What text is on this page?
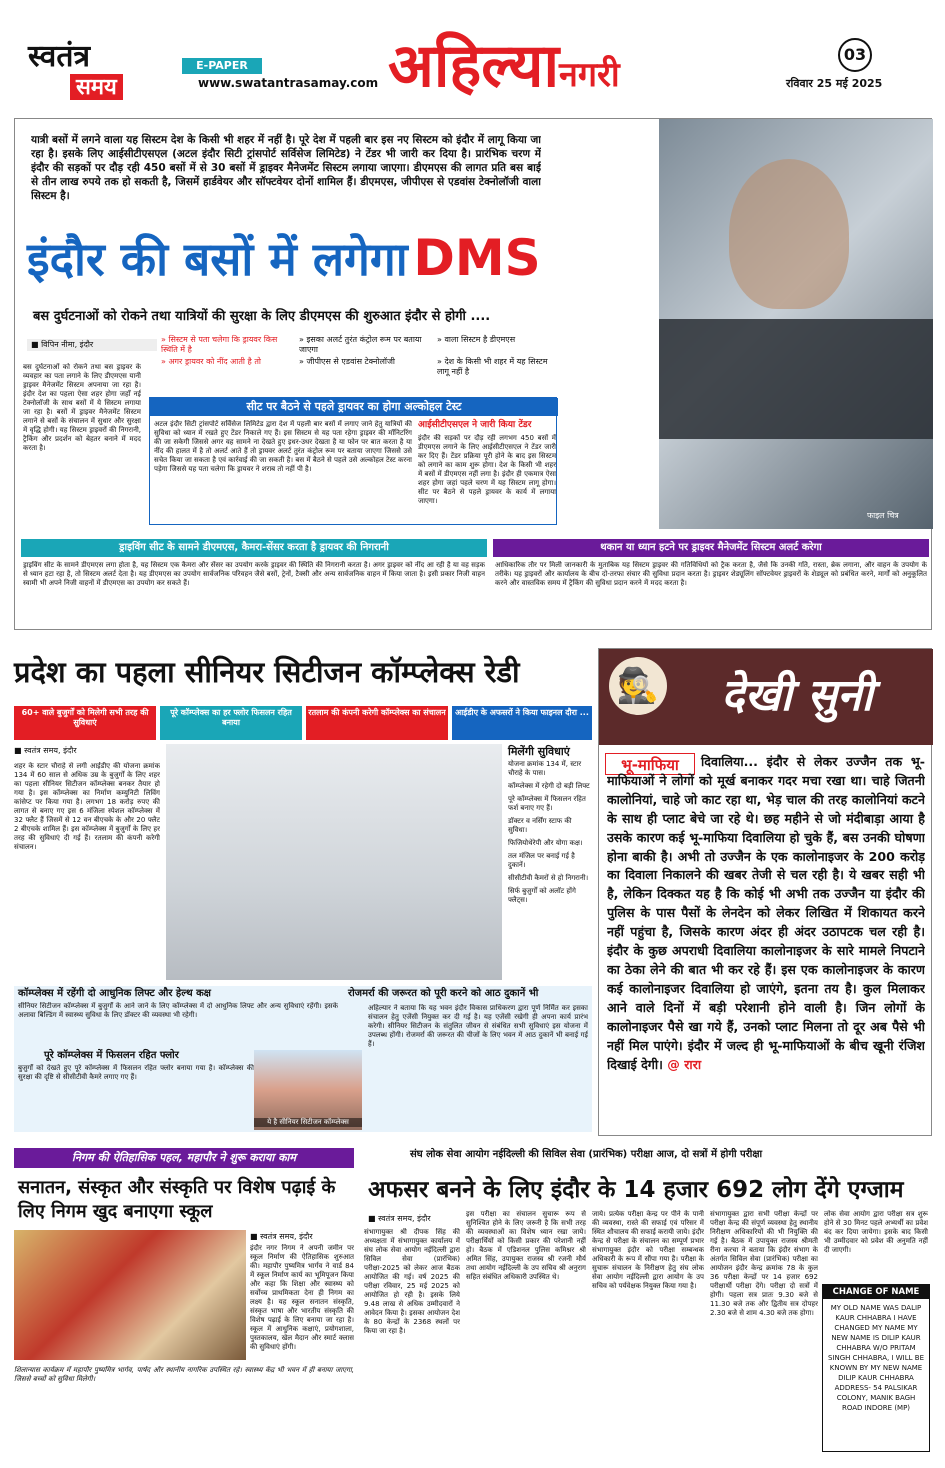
स्वतंत्र
समय
E-PAPER
www.swatantrasamay.com अहिल्यानगरी
03
रविवार 25 मई 2025
यात्री बसों में लगने वाला यह सिस्टम देश के किसी भी शहर में नहीं है। पूरे देश में पहली बार इस नए सिस्टम को इंदौर में लागू किया जा रहा है। इसके लिए आईसीटीएसएल (अटल इंदौर सिटी ट्रांसपोर्ट सर्विसेज लिमिटेड) ने टेंडर भी जारी कर दिया है। प्रारंभिक चरण में इंदौर की सड़कों पर दौड़ रही 450 बसों में से 30 बसों में ड्राइवर मैनेजमेंट सिस्टम लगाया जाएगा। डीएमएस की लागत प्रति बस बाई से तीन लाख रुपये तक हो सकती है, जिसमें हार्डवेयर और सॉफ्टवेयर दोनों शामिल हैं। डीएमएस, जीपीएस से एडवांस टेक्नोलॉजी वाला सिस्टम है।
इंदौर की बसों में लगेगा DMS
बस दुर्घटनाओं को रोकने तथा यात्रियों की सुरक्षा के लिए डीएमएस की शुरुआत इंदौर से होगी ....
फाइल चित्र
■ विपिन नीमा, इंदौर
» सिस्टम से पता चलेगा कि ड्रायवर किस स्थिति में है
» अगर ड्रायवर को नींद आती है तो
» इसका अलर्ट तुरंत कंट्रोल रूम पर बताया जाएगा
» जीपीएस से एडवांस टेक्नोलॉजी
» वाला सिस्टम है डीएमएस
» देश के किसी भी शहर में यह सिस्टम लागू नहीं है
बस दुर्घटनाओं को रोकने तथा बस ड्राइवर के व्यवहार का पता लगाने के लिए डीएमएस यानी ड्राइवर मैनेजमेंट सिस्टम अपनाया जा रहा है। इंदौर देश का पहला ऐसा शहर होगा जहाँ नई टेक्नोलॉजी के साथ बसों में ये सिस्टम लगाया जा रहा है। बसों में ड्राइवर मैनेजमेंट सिस्टम लगाने से बसों के संचालन में सुधार और सुरक्षा में वृद्धि होगी। यह सिस्टम ड्राइवरों की निगरानी, ट्रैकिंग और प्रदर्शन को बेहतर बनाने में मदद करता है।
सीट पर बैठने से पहले ड्रायवर का होगा अल्कोहल टेस्ट
अटल इंदौर सिटी ट्रांसपोर्ट सर्विसेज लिमिटेड द्वारा देश में पहली बार बसों में लगाए जाने हेतु यात्रियों की सुविधा को ध्यान में रखते हुए टेंडर निकाले गए हैं। इस सिस्टम से यह पता रहेगा ड्राइवर की मॉनिटरिंग की जा सकेगी जिससे अगर वह सामने ना देखते हुए इधर-उधर देखता है या फोन पर बात करता है या नींद की हालत में है तो अलर्ट आते हैं तो ड्रायवर अलर्ट तुरंत कंट्रोल रूम पर बताया जाएगा जिससे उसे सचेत किया जा सकता है एवं कार्रवाई की जा सकती है। बस में बैठने से पहले उसे अल्कोहल टेस्ट करना पड़ेगा जिससे यह पता चलेगा कि ड्रायवर ने शराब तो नहीं पी है।
आईसीटीएसएल ने जारी किया टेंडर
इंदौर की सड़कों पर दौड़ रही लगभग 450 बसों में डीएमएस लगाने के लिए आईसीटीएसएल ने टेंडर जारी कर दिए हैं। टेंडर प्रक्रिया पूरी होने के बाद इस सिस्टम को लगाने का काम शुरू होगा। देश के किसी भी शहर में बसों में डीएमएस नहीं लगा है। इंदौर ही एकमात्र ऐसा शहर होगा जहां पहले चरण में यह सिस्टम लागू होगा। सीट पर बैठने से पहले ड्रायवर के कार्य में लगाया जाएगा।
ड्राइविंग सीट के सामने डीएमएस, कैमरा-सेंसर करता है ड्रायवर की निगरानी
ड्राइविंग सीट के सामने डीएमएस लगा होता है, यह सिस्टम एक कैमरा और सेंसर का उपयोग करके ड्राइवर की स्थिति की निगरानी करता है। अगर ड्राइवर को नींद आ रही है या वह सड़क से ध्यान हटा रहा है, तो सिस्टम अलर्ट देता है। यह डीएमएस का उपयोग सार्वजनिक परिवहन जैसे बसों, ट्रेनों, टैक्सी और अन्य सार्वजनिक वाहन में किया जाता है। इसी प्रकार निजी वाहन स्वामी भी अपने निजी वाहनों में डीएमएस का उपयोग कर सकते हैं।
थकान या ध्यान हटने पर ड्राइवर मैनेजमेंट सिस्टम अलर्ट करेगा
आधिकारिक तौर पर मिली जानकारी के मुताबिक यह सिस्टम ड्राइवर की गतिविधियों को ट्रैक करता है, जैसे कि उनकी गति, रास्ता, ब्रेक लगाना, और वाहन के उपयोग के तरीके। यह ड्राइवरों और कार्यालय के बीच दो-तरफा संचार की सुविधा प्रदान करता है। ड्राइवर शेड्यूलिंग सॉफ्टवेयर ड्राइवरों के शेड्यूल को प्रबंधित करने, मार्गों को अनुकूलित करने और वास्तविक समय में ट्रैकिंग की सुविधा प्रदान करने में मदद करता है।
प्रदेश का पहला सीनियर सिटीजन कॉम्प्लेक्स रेडी
60+ वाले बुजुर्गों को मिलेगी सभी तरह की सुविधाएं
पूरे कॉम्प्लेक्स का हर फ्लोर फिसलन रहित बनाया
रतलाम की कंपनी करेगी कॉम्प्लेक्स का संचालन	आईडीए के अफसरों ने किया फाइनल दौरा ...
■ स्वतंत्र समय, इंदौर
शहर के स्टार चौराहे से लगी आईडीए की योजना क्रमांक 134 में 60 साल से अधिक उम्र के बुजुर्गों के लिए शहर का पहला सीनियर सिटीजन कॉम्प्लेक्स बनकर तैयार हो गया है। इस कॉम्प्लेक्स का निर्माण कम्युनिटी लिविंग कांसेप्ट पर किया गया है। लगभग 18 करोड़ रुपए की लागत से बनाए गए इस 6 मंजिला स्पेशल कॉम्प्लेक्स में 32 फ्लैट हैं जिसमें से 12 वन बीएचके के और 20 फ्लैट 2 बीएचके शामिल हैं। इस कॉम्प्लेक्स में बुजुर्गों के लिए हर तरह की सुविधाएं दी गई हैं। रतलाम की कंपनी करेगी संचालन।
मिलेंगी सुविधाएं
योजना क्रमांक 134 में, स्टार चौराहे के पास।
कॉम्प्लेक्स में रहेगी दो बड़ी लिफ्ट
पूरे कॉम्प्लेक्स में फिसलन रहित फर्श बनाए गए हैं।
डॉक्टर व नर्सिंग स्टाफ की सुविधा।
फिजियोथेरेपी और योगा कक्ष।
तल मंजिल पर बनाई गई है दुकानें।
सीसीटीवी कैमरों से हो निगरानी।
सिर्फ बुजुर्गों को अलॉट होंगे फ्लैट्स।
कॉम्प्लेक्स में रहेंगी दो आधुनिक लिफ्ट और हेल्थ कक्ष
सीनियर सिटीजन कॉम्प्लेक्स में बुजुर्गों के आने जाने के लिए कॉम्प्लेक्स में दो आधुनिक लिफ्ट और अन्य सुविधाएं रहेंगी। इसके अलावा बिल्डिंग में स्वास्थ्य सुविधा के लिए डॉक्टर की व्यवस्था भी रहेगी।
पूरे कॉम्प्लेक्स में फिसलन रहित फ्लोर
बुजुर्गों को देखते हुए पूरे कॉम्प्लेक्स में फिसलन रहित फ्लोर बनाया गया है। कॉम्प्लेक्स की सुरक्षा की दृष्टि से सीसीटीवी कैमरे लगाए गए हैं।
ये है सीनियर सिटीजन कॉम्प्लेक्स
रोजमर्रा की जरूरत को पूरी करने को आठ दुकानें भी
अहिल्यार ने बताया कि यह भवन इंदौर विकास प्राधिकरण द्वारा पूर्ण निर्मित कर इसका संचालन हेतु एजेंसी नियुक्त कर दी गई है। यह एजेंसी रखेगी ही अपना कार्य प्रारंभ करेगी। सीनियर सिटीजन के संतुलित जीवन से संबंधित सभी सुविधाएं इस योजना में उपलब्ध होंगी। रोजमर्रा की जरूरत की चीजों के लिए भवन में आठ दुकानें भी बनाई गई हैं।
🕵	देखी सुनी
भू-माफिया	दिवालिया... इंदौर से लेकर उज्जैन तक भू-माफियाओं ने लोगों को मूर्ख बनाकर गदर मचा रखा था। चाहे जितनी कालोनियां, चाहे जो काट रहा था, भेड़ चाल की तरह कालोनियां कटने के साथ ही प्लाट बेचे जा रहे थे। छह महीने से जो मंदीबाड़ा आया है उसके कारण कई भू-माफिया दिवालिया हो चुके हैं, बस उनकी घोषणा होना बाकी है। अभी तो उज्जैन के एक कालोनाइजर के 200 करोड़ का दिवाला निकालने की खबर तेजी से चल रही है। ये खबर सही भी है, लेकिन दिक्कत यह है कि कोई भी अभी तक उज्जैन या इंदौर की पुलिस के पास पैसों के लेनदेन को लेकर लिखित में शिकायत करने नहीं पहुंचा है, जिसके कारण अंदर ही अंदर उठापटक चल रही है। इंदौर के कुछ अपराधी दिवालिया कालोनाइजर के सारे मामले निपटाने का ठेका लेने की बात भी कर रहे हैं। इस एक कालोनाइजर के कारण कई कालोनाइजर दिवालिया हो जाएंगे, इतना तय है। कुल मिलाकर आने वाले दिनों में बड़ी परेशानी होने वाली है। जिन लोगों के कालोनाइजर पैसे खा गये हैं, उनको प्लाट मिलना तो दूर अब पैसे भी नहीं मिल पाएंगे। इंदौर में जल्द ही भू-माफियाओं के बीच खूनी रंजिश दिखाई देगी। @ रारा
निगम की ऐतिहासिक पहल, महापौर ने शुरू कराया काम
सनातन, संस्कृत और संस्कृति पर विशेष पढ़ाई के लिए निगम खुद बनाएगा स्कूल
■ स्वतंत्र समय, इंदौर
इंदौर नगर निगम ने अपनी जमीन पर स्कूल निर्माण की ऐतिहासिक शुरुआत की। महापौर पुष्यमित्र भार्गव ने वार्ड 84 में स्कूल निर्माण कार्य का भूमिपूजन किया और कहा कि शिक्षा और स्वास्थ्य को सर्वोच्च प्राथमिकता देना ही निगम का लक्ष्य है। यह स्कूल सनातन संस्कृति, संस्कृत भाषा और भारतीय संस्कृति की विशेष पढ़ाई के लिए बनाया जा रहा है। स्कूल में आधुनिक कक्षाएं, प्रयोगशाला, पुस्तकालय, खेल मैदान और स्मार्ट क्लास की सुविधाएं होंगी।
शिलान्यास कार्यक्रम में महापौर पुष्यमित्र भार्गव, पार्षद और स्थानीय नागरिक उपस्थित रहे। स्वास्थ्य केंद्र भी भवन में ही बनाया जाएगा, जिससे बच्चों को सुविधा मिलेगी।
संघ लोक सेवा आयोग नईदिल्ली की सिविल सेवा (प्रारंभिक) परीक्षा आज, दो सत्रों में होगी परीक्षा
अफसर बनने के लिए इंदौर के 14 हजार 692 लोग देंगे एग्जाम
■ स्वतंत्र समय, इंदौर
संभागायुक्त श्री दीपक सिंह की अध्यक्षता में संभागायुक्त कार्यालय में संघ लोक सेवा आयोग नईदिल्ली द्वारा सिविल सेवा (प्रारंभिक) परीक्षा-2025 को लेकर आज बैठक आयोजित की गई। वर्ष 2025 की परीक्षा रविवार, 25 मई 2025 को आयोजित हो रही है। इसके लिये 9.48 लाख से अधिक उम्मीदवारों ने आवेदन किया है। इसका आयोजन देश के 80 केन्द्रों के 2368 स्थलों पर किया जा रहा है।
इस परीक्षा का संचालन सुचारू रूप से सुनिश्चित होने के लिए जरूरी है कि सभी तरह की व्यवस्थाओं का विशेष ध्यान रखा जाये। परीक्षार्थियों को किसी प्रकार की परेशानी नहीं हो। बैठक में एडिशनल पुलिस कमिश्नर श्री अमित सिंह, उपायुक्त राजस्व श्री रजनी मौर्य तथा आयोग नईदिल्ली के उप सचिव श्री अनुराग सहित संबंधित अधिकारी उपस्थित थे।
जाये। प्रत्येक परीक्षा केन्द्र पर पीने के पानी की व्यवस्था, रास्ते की सफाई एवं परिसर में स्थित शौचालय की सफाई करायी जाये। इंदौर केन्द्र से परीक्षा के संचालन का सम्पूर्ण प्रभार संभागायुक्त इंदौर को परीक्षा सम्बन्धक अधिकारी के रूप में सौंपा गया है। परीक्षा के सुचारू संचालन के निरीक्षण हेतु संघ लोक सेवा आयोग नईदिल्ली द्वारा आयोग के उप सचिव को पर्यवेक्षक नियुक्त किया गया है।
संभागायुक्त द्वारा सभी परीक्षा केन्द्रों पर परीक्षा केन्द्र की संपूर्ण व्यवस्था हेतु स्थानीय निरीक्षण अधिकारियों की भी नियुक्ति की गई है। बैठक में उपायुक्त राजस्व श्रीमती रीना करचा ने बताया कि इंदौर संभाग के अंतर्गत सिविल सेवा (प्रारंभिक) परीक्षा का आयोजन इंदौर केन्द्र क्रमांक 78 के कुल 36 परीक्षा केन्द्रों पर 14 हजार 692 परीक्षार्थी परीक्षा देंगे। परीक्षा दो सत्रों में होगी। पहला सत्र प्रातः 9.30 बजे से 11.30 बजे तक और द्वितीय सत्र दोपहर 2.30 बजे से शाम 4.30 बजे तक होगा।
लोक सेवा आयोग द्वारा परीक्षा सत्र शुरू होने से 30 मिनट पहले अभ्यर्थी का प्रवेश बंद कर दिया जायेगा। इसके बाद किसी भी उम्मीदवार को प्रवेश की अनुमति नहीं दी जाएगी।
CHANGE OF NAME
MY OLD NAME WAS DALIP KAUR CHHABRA I HAVE CHANGED MY NAME MY NEW NAME IS DILIP KAUR CHHABRA W/O PRITAM SINGH CHHABRA, I WILL BE KNOWN BY MY NEW NAME DILIP KAUR CHHABRA ADDRESS- 54 PALSIKAR COLONY, MANIK BAGH ROAD INDORE (MP)
